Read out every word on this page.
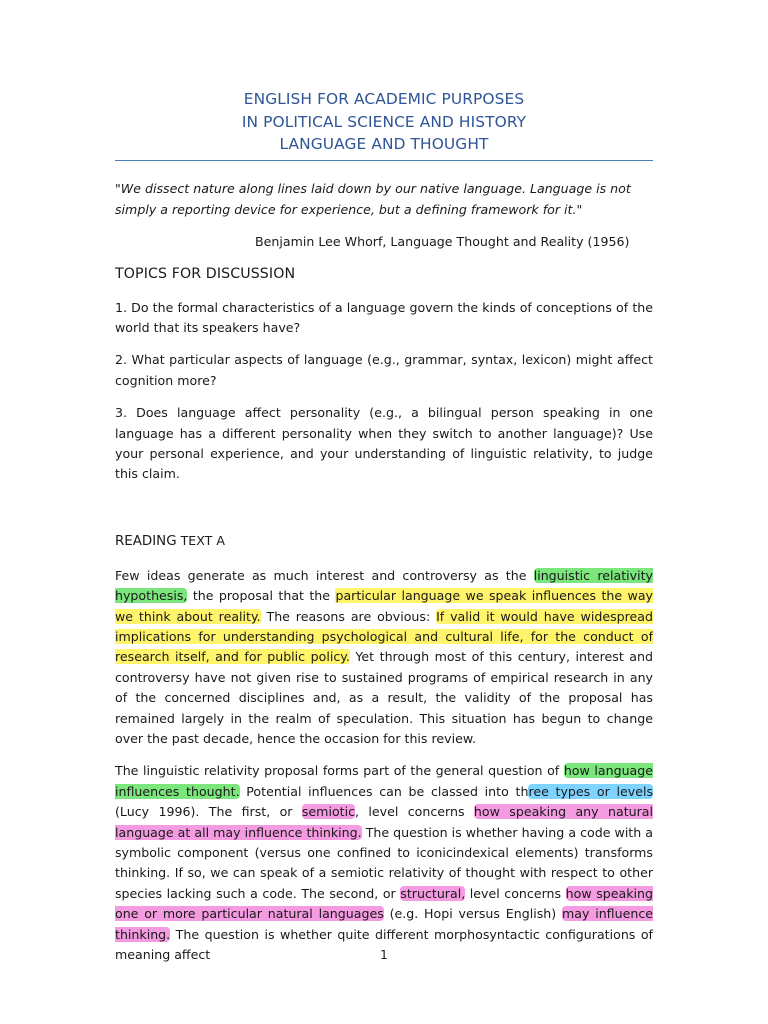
ENGLISH FOR ACADEMIC PURPOSES
IN POLITICAL SCIENCE AND HISTORY
LANGUAGE AND THOUGHT
"We dissect nature along lines laid down by our native language. Language is not simply a reporting device for experience, but a defining framework for it."
Benjamin Lee Whorf, Language Thought and Reality (1956)
TOPICS FOR DISCUSSION

1. Do the formal characteristics of a language govern the kinds of conceptions of the world that its speakers have?

2. What particular aspects of language (e.g., grammar, syntax, lexicon) might affect cognition more?

3. Does language affect personality (e.g., a bilingual person speaking in one language has a different personality when they switch to another language)? Use your personal experience, and your understanding of linguistic relativity, to judge this claim.

READING TEXT A

Few ideas generate as much interest and controversy as the linguistic relativity hypothesis, the proposal that the particular language we speak influences the way we think about reality. The reasons are obvious: If valid it would have widespread implications for understanding psychological and cultural life, for the conduct of research itself, and for public policy. Yet through most of this century, interest and controversy have not given rise to sustained programs of empirical research in any of the concerned disciplines and, as a result, the validity of the proposal has remained largely in the realm of speculation. This situation has begun to change over the past decade, hence the occasion for this review.

The linguistic relativity proposal forms part of the general question of how language influences thought. Potential influences can be classed into three types or levels (Lucy 1996). The first, or semiotic, level concerns how speaking any natural language at all may influence thinking. The question is whether having a code with a symbolic component (versus one confined to iconicindexical elements) transforms thinking. If so, we can speak of a semiotic relativity of thought with respect to other species lacking such a code. The second, or structural, level concerns how speaking one or more particular natural languages (e.g. Hopi versus English) may influence thinking. The question is whether quite different morphosyntactic configurations of meaning affect	1
